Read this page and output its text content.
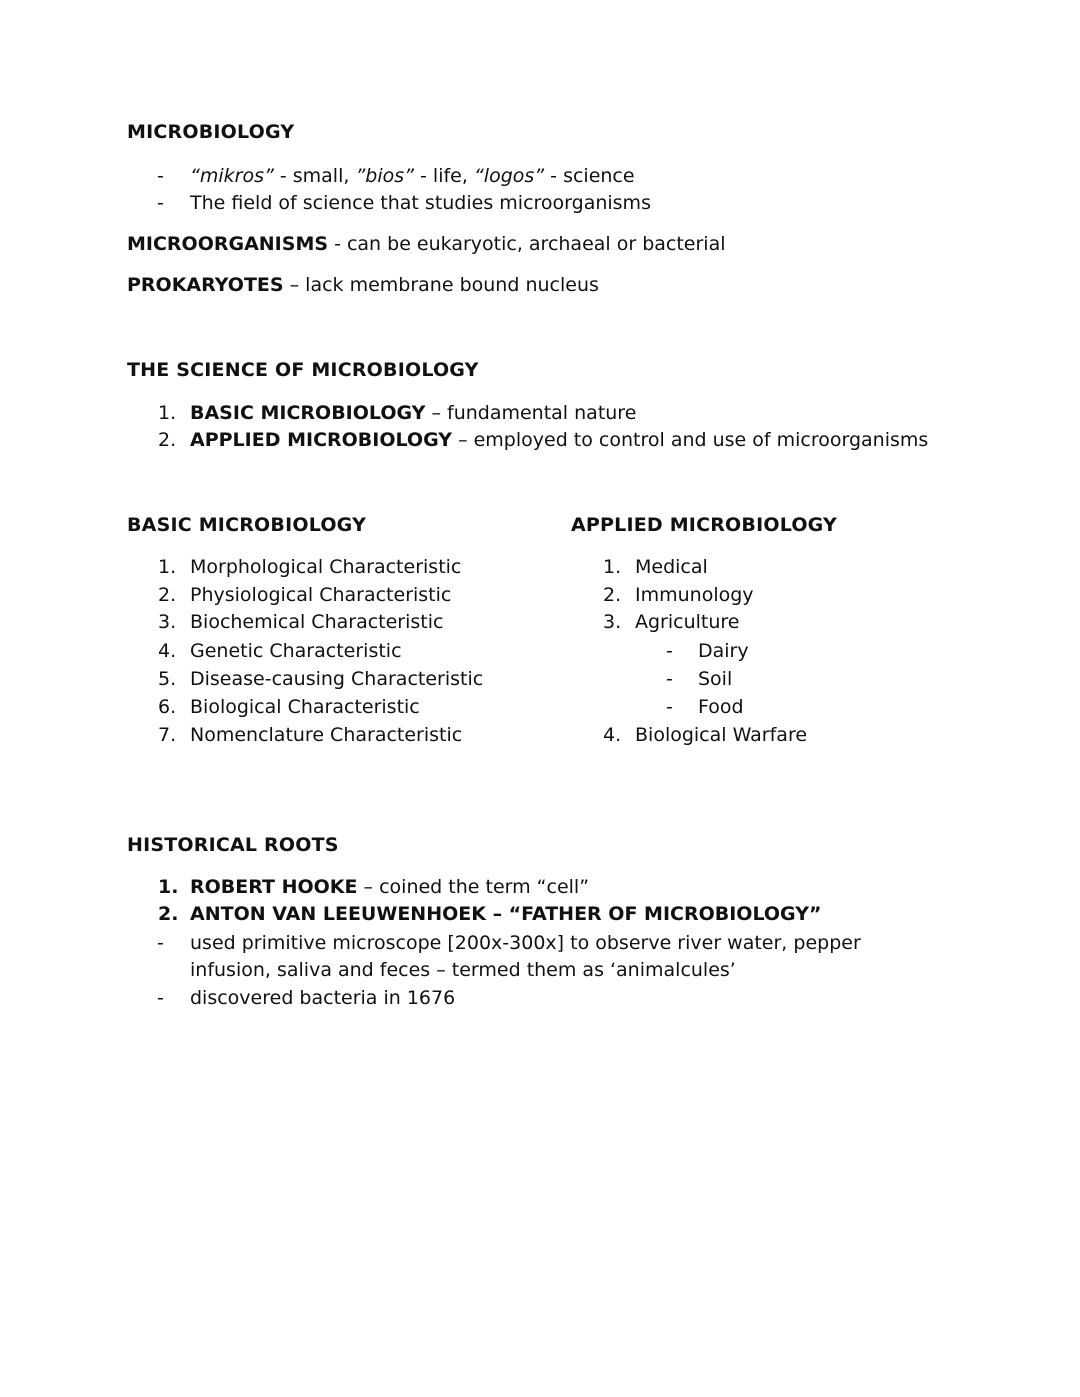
MICROBIOLOGY
- “mikros” - small, ”bios” - life, “logos” - science
- The field of science that studies microorganisms
MICROORGANISMS - can be eukaryotic, archaeal or bacterial
PROKARYOTES – lack membrane bound nucleus
THE SCIENCE OF MICROBIOLOGY
1. BASIC MICROBIOLOGY – fundamental nature
2. APPLIED MICROBIOLOGY – employed to control and use of microorganisms
BASIC MICROBIOLOGY
1. Morphological Characteristic
2. Physiological Characteristic
3. Biochemical Characteristic
4. Genetic Characteristic
5. Disease-causing Characteristic
6. Biological Characteristic
7. Nomenclature Characteristic
APPLIED MICROBIOLOGY
1. Medical
2. Immunology
3. Agriculture
- Dairy
- Soil
- Food
4. Biological Warfare
HISTORICAL ROOTS
1. ROBERT HOOKE – coined the term “cell”
2. ANTON VAN LEEUWENHOEK – “FATHER OF MICROBIOLOGY”
- used primitive microscope [200x-300x] to observe river water, pepper
infusion, saliva and feces – termed them as ‘animalcules’
- discovered bacteria in 1676
